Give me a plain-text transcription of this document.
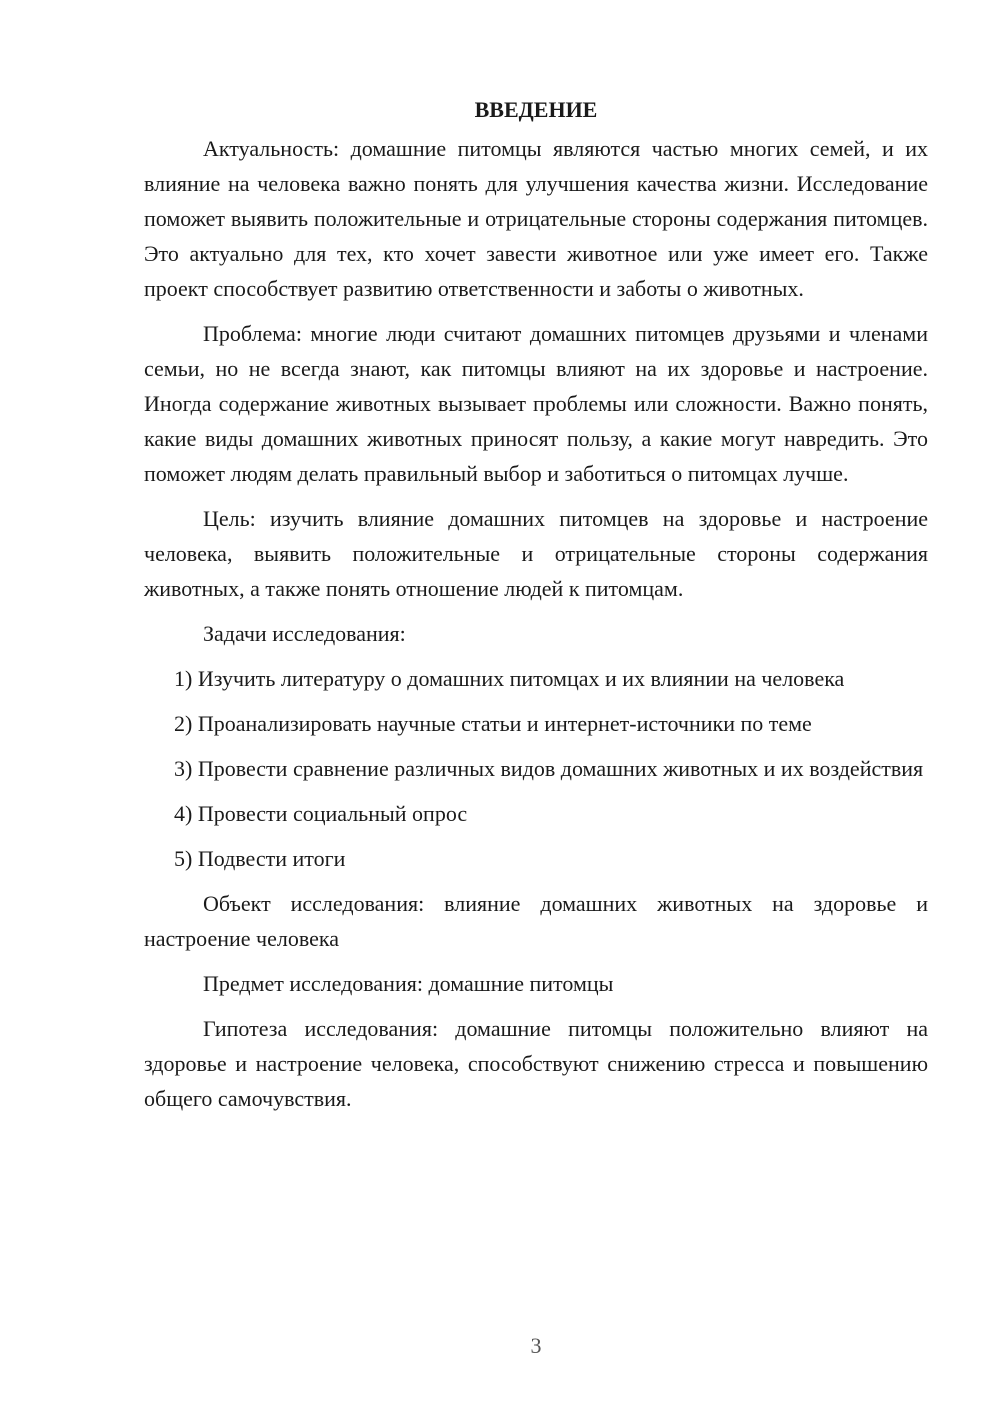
ВВЕДЕНИЕ

Актуальность: домашние питомцы являются частью многих семей, и их влияние на человека важно понять для улучшения качества жизни. Исследование поможет выявить положительные и отрицательные стороны содержания питомцев. Это актуально для тех, кто хочет завести животное или уже имеет его. Также проект способствует развитию ответственности и заботы о животных.

Проблема: многие люди считают домашних питомцев друзьями и членами семьи, но не всегда знают, как питомцы влияют на их здоровье и настроение. Иногда содержание животных вызывает проблемы или сложности. Важно понять, какие виды домашних животных приносят пользу, а какие могут навредить. Это поможет людям делать правильный выбор и заботиться о питомцах лучше.

Цель: изучить влияние домашних питомцев на здоровье и настроение человека, выявить положительные и отрицательные стороны содержания животных, а также понять отношение людей к питомцам.

Задачи исследования:

1) Изучить литературу о домашних питомцах и их влиянии на человека

2) Проанализировать научные статьи и интернет-источники по теме

3) Провести сравнение различных видов домашних животных и их воздействия

4) Провести социальный опрос

5) Подвести итоги

Объект исследования: влияние домашних животных на здоровье и настроение человека

Предмет исследования: домашние питомцы

Гипотеза исследования: домашние питомцы положительно влияют на здоровье и настроение человека, способствуют снижению стресса и повышению общего самочувствия.

3
